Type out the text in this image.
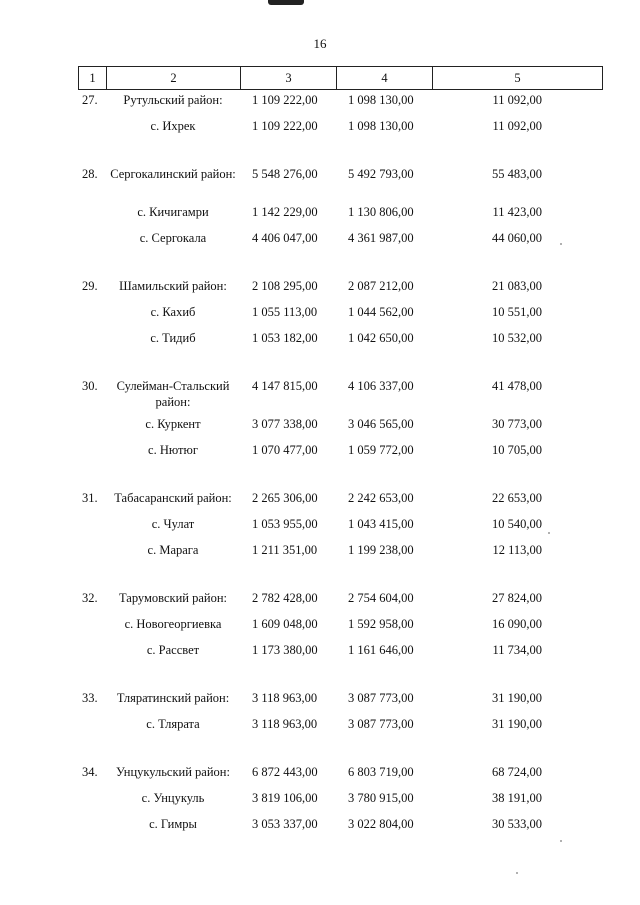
16
1	2	3	4	5
27.	Рутульский район:	1 109 222,00	1 098 130,00	11 092,00
	с. Ихрек	1 109 222,00	1 098 130,00	11 092,00

28.	Сергокалинский район:	5 548 276,00	5 492 793,00	55 483,00
	с. Кичигамри	1 142 229,00	1 130 806,00	11 423,00
	с. Сергокала	4 406 047,00	4 361 987,00	44 060,00

29.	Шамильский район:	2 108 295,00	2 087 212,00	21 083,00
	с. Кахиб	1 055 113,00	1 044 562,00	10 551,00
	с. Тидиб	1 053 182,00	1 042 650,00	10 532,00

30.	Сулейман-Стальский район:	4 147 815,00	4 106 337,00	41 478,00
	с. Куркент	3 077 338,00	3 046 565,00	30 773,00
	с. Нютюг	1 070 477,00	1 059 772,00	10 705,00

31.	Табасаранский район:	2 265 306,00	2 242 653,00	22 653,00
	с. Чулат	1 053 955,00	1 043 415,00	10 540,00
	с. Марага	1 211 351,00	1 199 238,00	12 113,00

32.	Тарумовский район:	2 782 428,00	2 754 604,00	27 824,00
	с. Новогеоргиевка	1 609 048,00	1 592 958,00	16 090,00
	с. Рассвет	1 173 380,00	1 161 646,00	11 734,00

33.	Тляратинский район:	3 118 963,00	3 087 773,00	31 190,00
	с. Тлярата	3 118 963,00	3 087 773,00	31 190,00

34.	Унцукульский район:	6 872 443,00	6 803 719,00	68 724,00
	с. Унцукуль	3 819 106,00	3 780 915,00	38 191,00
	с. Гимры	3 053 337,00	3 022 804,00	30 533,00
